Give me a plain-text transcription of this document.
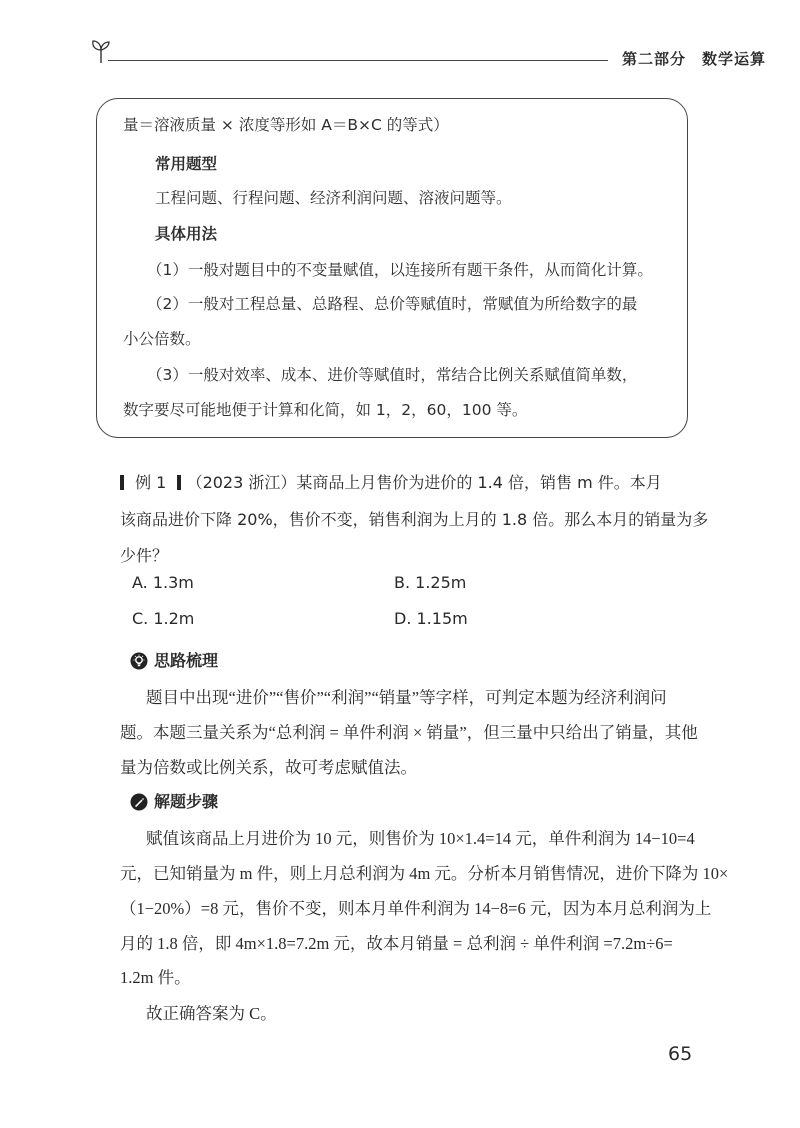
第二部分　数学运算

量＝溶液质量 × 浓度等形如 A＝B×C 的等式）

常用题型

工程问题、行程问题、经济利润问题、溶液问题等。

具体用法

（1）一般对题目中的不变量赋值，以连接所有题干条件，从而简化计算。

（2）一般对工程总量、总路程、总价等赋值时，常赋值为所给数字的最

小公倍数。

（3）一般对效率、成本、进价等赋值时，常结合比例关系赋值简单数，

数字要尽可能地便于计算和化简，如 1，2，60，100 等。

例 1 （2023 浙江）某商品上月售价为进价的 1.4 倍，销售 m 件。本月

该商品进价下降 20%，售价不变，销售利润为上月的 1.8 倍。那么本月的销量为多

少件？

A. 1.3m	B. 1.25m
C. 1.2m	D. 1.15m
思路梳理

题目中出现“进价”“售价”“利润”“销量”等字样，可判定本题为经济利润问

题。本题三量关系为“总利润 = 单件利润 × 销量”，但三量中只给出了销量，其他

量为倍数或比例关系，故可考虑赋值法。

解题步骤

赋值该商品上月进价为 10 元，则售价为 10×1.4=14 元，单件利润为 14−10=4

元，已知销量为 m 件，则上月总利润为 4m 元。分析本月销售情况，进价下降为 10×

（1−20%）=8 元，售价不变，则本月单件利润为 14−8=6 元，因为本月总利润为上

月的 1.8 倍，即 4m×1.8=7.2m 元，故本月销量 = 总利润 ÷ 单件利润 =7.2m÷6=

1.2m 件。

故正确答案为 C。

65
